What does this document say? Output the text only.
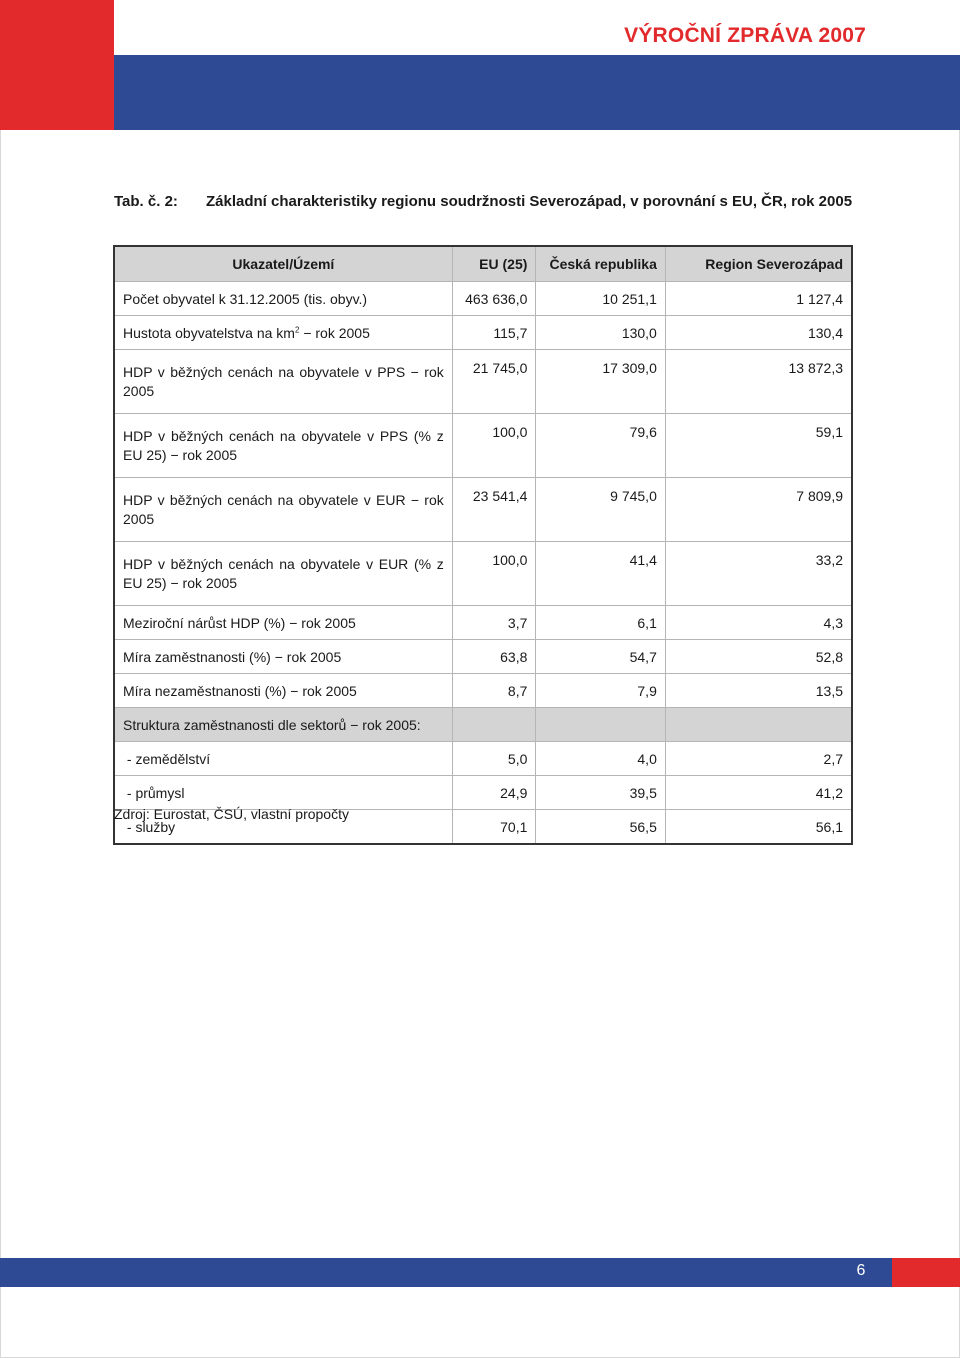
VÝROČNÍ ZPRÁVA 2007
Tab. č. 2:	Základní charakteristiky regionu soudržnosti Severozápad, v porovnání s EU, ČR, rok 2005
Ukazatel/Území	EU (25)	Česká republika	Region Severozápad
Počet obyvatel k 31.12.2005 (tis. obyv.)	463 636,0	10 251,1	1 127,4
Hustota obyvatelstva na $km^2$ − rok 2005	115,7	130,0	130,4
HDP v běžných cenách na obyvatele v PPS − rok 2005	21 745,0	17 309,0	13 872,3
HDP v běžných cenách na obyvatele v PPS (% z EU 25) − rok 2005	100,0	79,6	59,1
HDP v běžných cenách na obyvatele v EUR − rok 2005	23 541,4	9 745,0	7 809,9
HDP v běžných cenách na obyvatele v EUR (% z EU 25) − rok 2005	100,0	41,4	33,2
Meziroční nárůst HDP (%) − rok 2005	3,7	6,1	4,3
Míra zaměstnanosti (%) − rok 2005	63,8	54,7	52,8
Míra nezaměstnanosti (%) − rok 2005	8,7	7,9	13,5
Struktura zaměstnanosti dle sektorů − rok 2005:			
- zemědělství	5,0	4,0	2,7
- průmysl	24,9	39,5	41,2
- služby	70,1	56,5	56,1
Zdroj: Eurostat, ČSÚ, vlastní propočty
6
